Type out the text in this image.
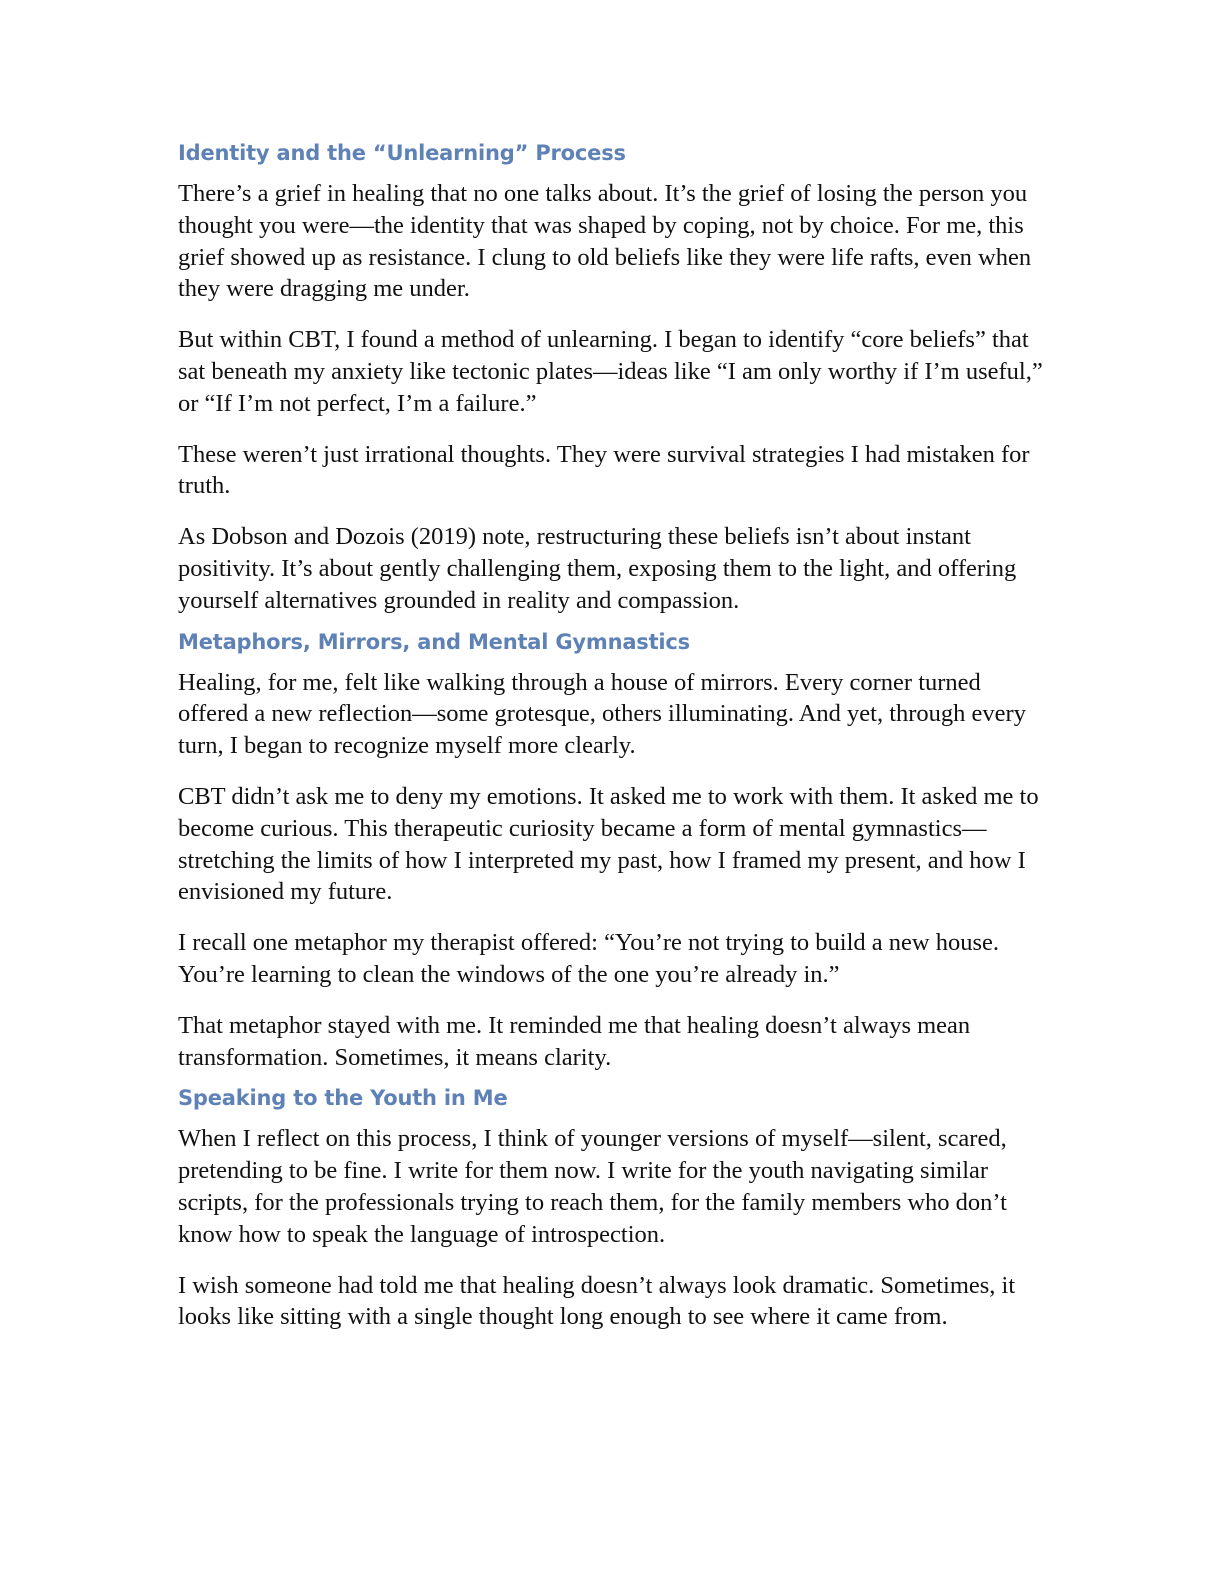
Identity and the “Unlearning” Process

There’s a grief in healing that no one talks about. It’s the grief of losing the person you thought you were—the identity that was shaped by coping, not by choice. For me, this grief showed up as resistance. I clung to old beliefs like they were life rafts, even when they were dragging me under.

But within CBT, I found a method of unlearning. I began to identify “core beliefs” that sat beneath my anxiety like tectonic plates—ideas like “I am only worthy if I’m useful,” or “If I’m not perfect, I’m a failure.”

These weren’t just irrational thoughts. They were survival strategies I had mistaken for truth.

As Dobson and Dozois (2019) note, restructuring these beliefs isn’t about instant positivity. It’s about gently challenging them, exposing them to the light, and offering yourself alternatives grounded in reality and compassion.

Metaphors, Mirrors, and Mental Gymnastics

Healing, for me, felt like walking through a house of mirrors. Every corner turned offered a new reflection—some grotesque, others illuminating. And yet, through every turn, I began to recognize myself more clearly.

CBT didn’t ask me to deny my emotions. It asked me to work with them. It asked me to become curious. This therapeutic curiosity became a form of mental gymnastics—stretching the limits of how I interpreted my past, how I framed my present, and how I envisioned my future.

I recall one metaphor my therapist offered: “You’re not trying to build a new house. You’re learning to clean the windows of the one you’re already in.”

That metaphor stayed with me. It reminded me that healing doesn’t always mean transformation. Sometimes, it means clarity.

Speaking to the Youth in Me

When I reflect on this process, I think of younger versions of myself—silent, scared, pretending to be fine. I write for them now. I write for the youth navigating similar scripts, for the professionals trying to reach them, for the family members who don’t know how to speak the language of introspection.

I wish someone had told me that healing doesn’t always look dramatic. Sometimes, it looks like sitting with a single thought long enough to see where it came from.
